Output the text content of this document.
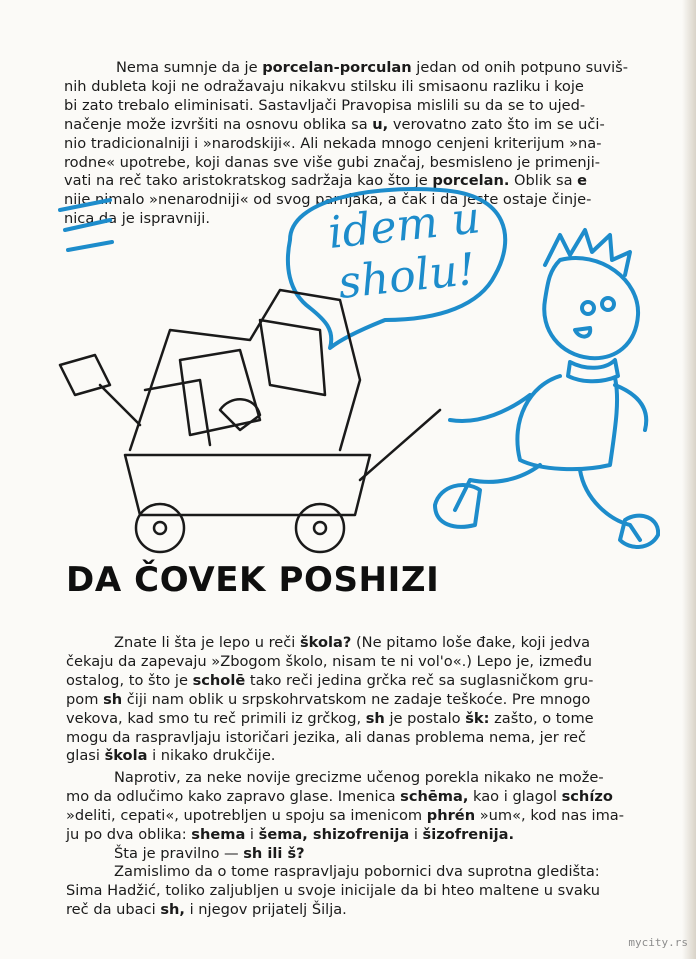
Nema sumnje da je porcelan-porculan jedan od onih potpuno suviš-
nih dubleta koji ne odražavaju nikakvu stilsku ili smisaonu razliku i koje
bi zato trebalo eliminisati. Sastavljači Pravopisa mislili su da se to ujed-
načenje može izvršiti na osnovu oblika sa u, verovatno zato što im se uči-
nio tradicionalniji i »narodskiji«. Ali nekada mnogo cenjeni kriterijum »na-
rodne« upotrebe, koji danas sve više gubi značaj, besmisleno je primenji-
vati na reč tako aristokratskog sadržaja kao što je porcelan. Oblik sa e
nije nimalo »nenarodniji« od svog parnjaka, a čak i da jeste ostaje činje-
nica da je ispravniji.	idem u
sholu!
DA ČOVEK POSHIZI

Znate li šta je lepo u reči škola? (Ne pitamo loše đake, koji jedva
čekaju da zapevaju »Zbogom školo, nisam te ni vol'o«.) Lepo je, između
ostalog, to što je scholē tako reči jedina grčka reč sa suglasničkom gru-
pom sh čiji nam oblik u srpskohrvatskom ne zadaje teškoće. Pre mnogo
vekova, kad smo tu reč primili iz grčkog, sh je postalo šk: zašto, o tome
mogu da raspravljaju istoričari jezika, ali danas problema nema, jer reč
glasi škola i nikako drukčije.

Naprotiv, za neke novije grecizme učenog porekla nikako ne može-
mo da odlučimo kako zapravo glase. Imenica schēma, kao i glagol schízo
»deliti, cepati«, upotrebljen u spoju sa imenicom phrén »um«, kod nas ima-
ju po dva oblika: shema i šema, shizofrenija i šizofrenija.

Šta je pravilno — sh ili š?

Zamislimo da o tome raspravljaju pobornici dva suprotna gledišta:
Sima Hadžić, toliko zaljubljen u svoje inicijale da bi hteo maltene u svaku
reč da ubaci sh, i njegov prijatelj Šilja.

mycity.rs
